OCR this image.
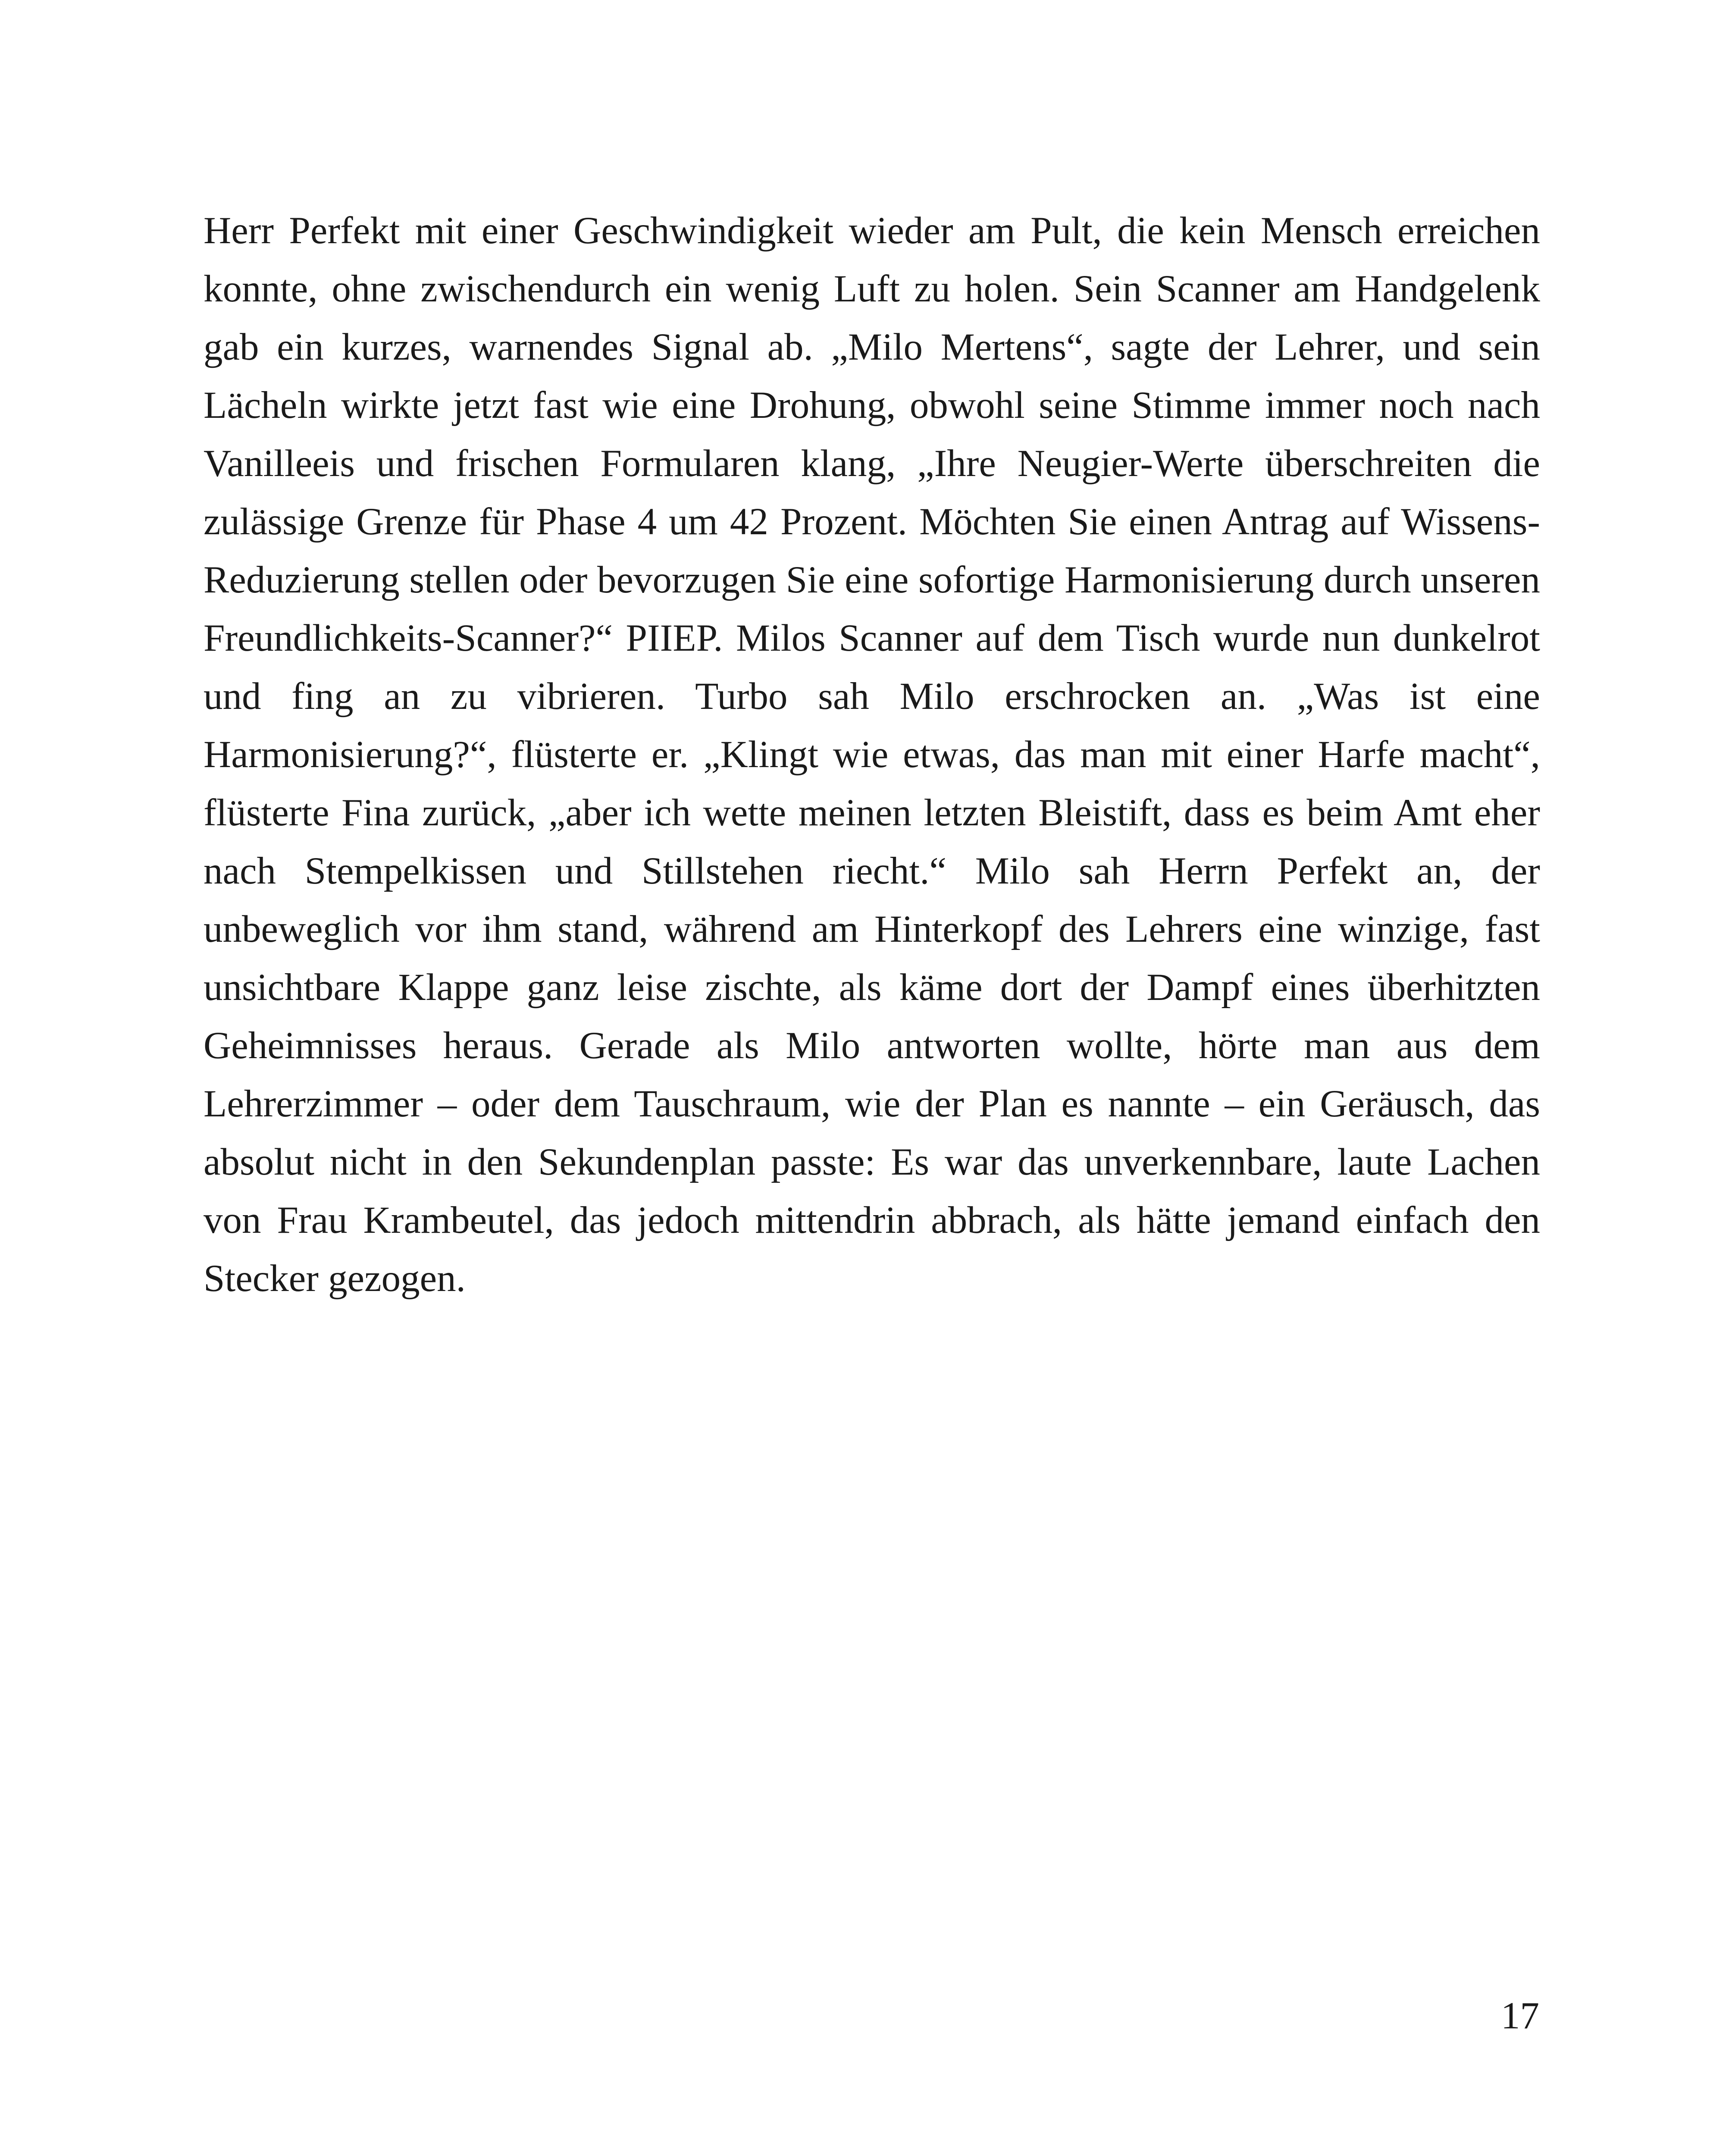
Herr Perfekt mit einer Geschwindigkeit wieder am Pult, die kein Mensch erreichen konnte, ohne zwischendurch ein wenig Luft zu holen. Sein Scanner am Handgelenk gab ein kurzes, warnendes Signal ab. „Milo Mertens“, sagte der Lehrer, und sein Lächeln wirkte jetzt fast wie eine Drohung, obwohl seine Stimme immer noch nach Vanilleeis und frischen Formularen klang, „Ihre Neugier-Werte überschreiten die zulässige Grenze für Phase 4 um 42 Prozent. Möchten Sie einen Antrag auf Wissens-Reduzierung stellen oder bevorzugen Sie eine sofortige Harmonisierung durch unseren Freundlichkeits-Scanner?“ PIIEP. Milos Scanner auf dem Tisch wurde nun dunkelrot und fing an zu vibrieren. Turbo sah Milo erschrocken an. „Was ist eine Harmonisierung?“, flüsterte er. „Klingt wie etwas, das man mit einer Harfe macht“, flüsterte Fina zurück, „aber ich wette meinen letzten Bleistift, dass es beim Amt eher nach Stempelkissen und Stillstehen riecht.“ Milo sah Herrn Perfekt an, der unbeweglich vor ihm stand, während am Hinterkopf des Lehrers eine winzige, fast unsichtbare Klappe ganz leise zischte, als käme dort der Dampf eines überhitzten Geheimnisses heraus. Gerade als Milo antworten wollte, hörte man aus dem Lehrerzimmer – oder dem Tauschraum, wie der Plan es nannte – ein Geräusch, das absolut nicht in den Sekundenplan passte: Es war das unverkennbare, laute Lachen von Frau Krambeutel, das jedoch mittendrin abbrach, als hätte jemand einfach den Stecker gezogen.

17
